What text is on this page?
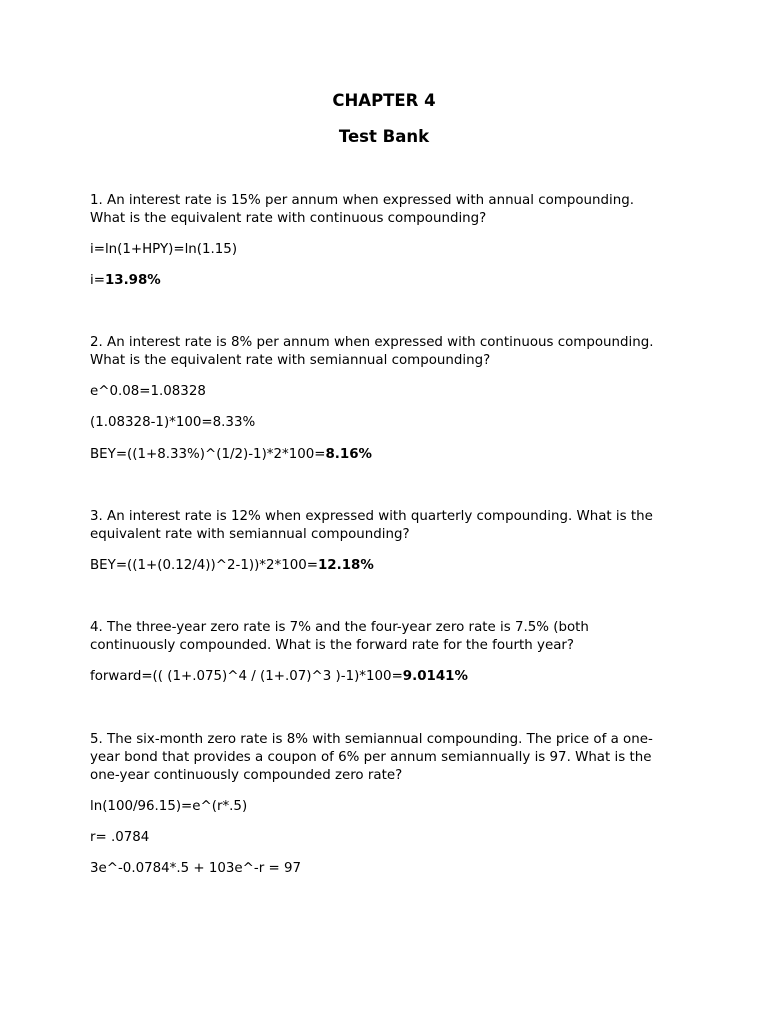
CHAPTER 4
Test Bank
1. An interest rate is 15% per annum when expressed with annual compounding.
What is the equivalent rate with continuous compounding?
i=ln(1+HPY)=ln(1.15)
i=13.98%
2. An interest rate is 8% per annum when expressed with continuous compounding.
What is the equivalent rate with semiannual compounding?
e^0.08=1.08328
(1.08328-1)*100=8.33%
BEY=((1+8.33%)^(1/2)-1)*2*100=8.16%
3. An interest rate is 12% when expressed with quarterly compounding. What is the
equivalent rate with semiannual compounding?
BEY=((1+(0.12/4))^2-1))*2*100=12.18%
4. The three-year zero rate is 7% and the four-year zero rate is 7.5% (both
continuously compounded. What is the forward rate for the fourth year?
forward=(( (1+.075)^4 / (1+.07)^3 )-1)*100=9.0141%
5. The six-month zero rate is 8% with semiannual compounding. The price of a one-
year bond that provides a coupon of 6% per annum semiannually is 97. What is the
one-year continuously compounded zero rate?
ln(100/96.15)=e^(r*.5)
r= .0784
3e^-0.0784*.5 + 103e^-r = 97
